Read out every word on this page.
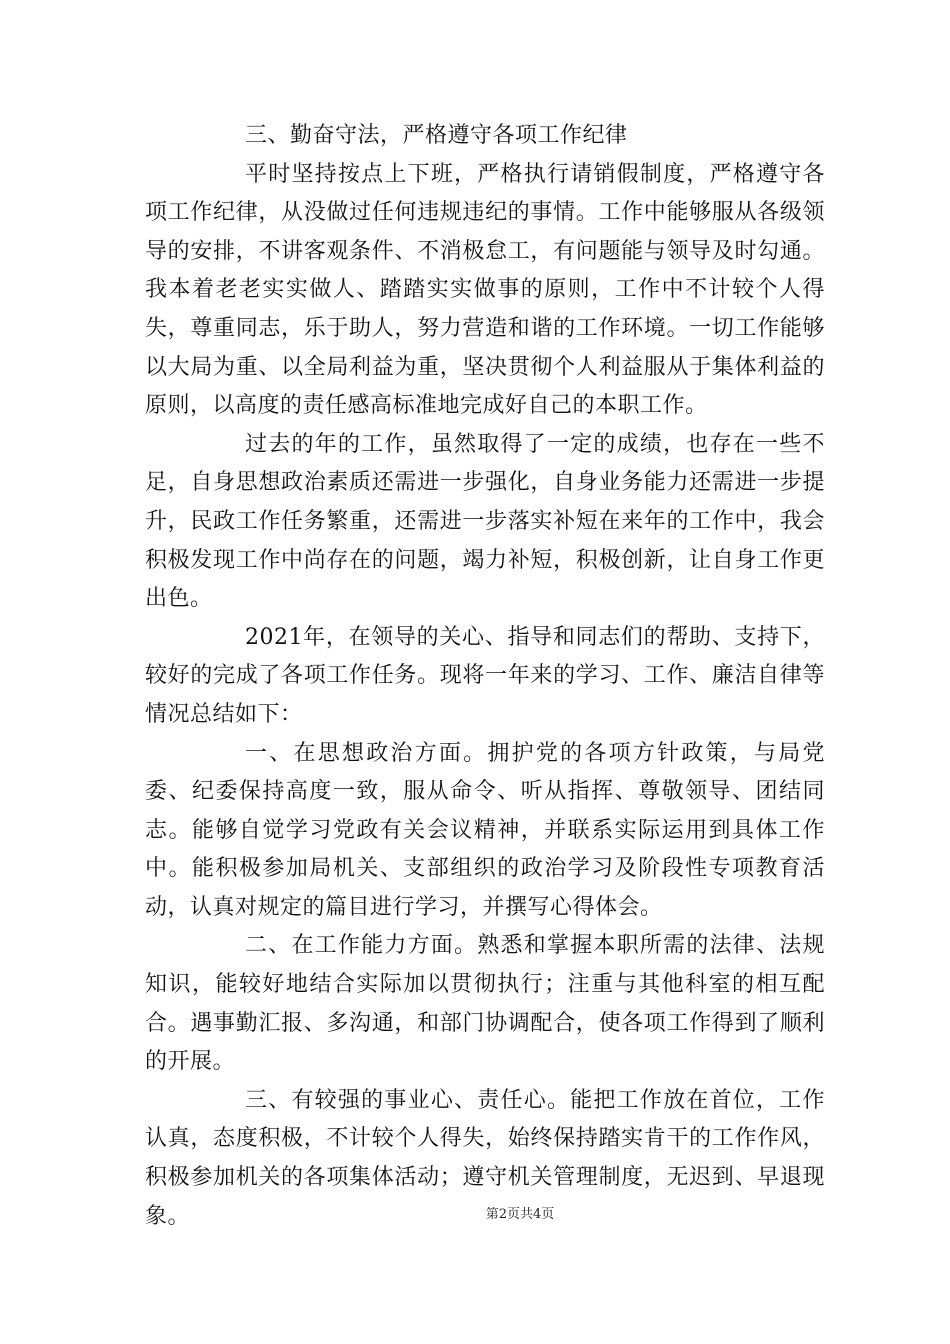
三、勤奋守法，严格遵守各项工作纪律

平时坚持按点上下班，严格执行请销假制度，严格遵守各项工作纪律，从没做过任何违规违纪的事情。工作中能够服从各级领导的安排，不讲客观条件、不消极怠工，有问题能与领导及时勾通。我本着老老实实做人、踏踏实实做事的原则，工作中不计较个人得失，尊重同志，乐于助人，努力营造和谐的工作环境。一切工作能够以大局为重、以全局利益为重，坚决贯彻个人利益服从于集体利益的原则，以高度的责任感高标准地完成好自己的本职工作。

过去的年的工作，虽然取得了一定的成绩，也存在一些不足，自身思想政治素质还需进一步强化，自身业务能力还需进一步提升，民政工作任务繁重，还需进一步落实补短在来年的工作中，我会积极发现工作中尚存在的问题，竭力补短，积极创新，让自身工作更出色。

2021年，在领导的关心、指导和同志们的帮助、支持下，较好的完成了各项工作任务。现将一年来的学习、工作、廉洁自律等情况总结如下：

一、在思想政治方面。拥护党的各项方针政策，与局党委、纪委保持高度一致，服从命令、听从指挥、尊敬领导、团结同志。能够自觉学习党政有关会议精神，并联系实际运用到具体工作中。能积极参加局机关、支部组织的政治学习及阶段性专项教育活动，认真对规定的篇目进行学习，并撰写心得体会。

二、在工作能力方面。熟悉和掌握本职所需的法律、法规知识，能较好地结合实际加以贯彻执行；注重与其他科室的相互配合。遇事勤汇报、多沟通，和部门协调配合，使各项工作得到了顺利的开展。

三、有较强的事业心、责任心。能把工作放在首位，工作认真，态度积极，不计较个人得失，始终保持踏实肯干的工作作风，积极参加机关的各项集体活动；遵守机关管理制度，无迟到、早退现象。	第2页共4页
